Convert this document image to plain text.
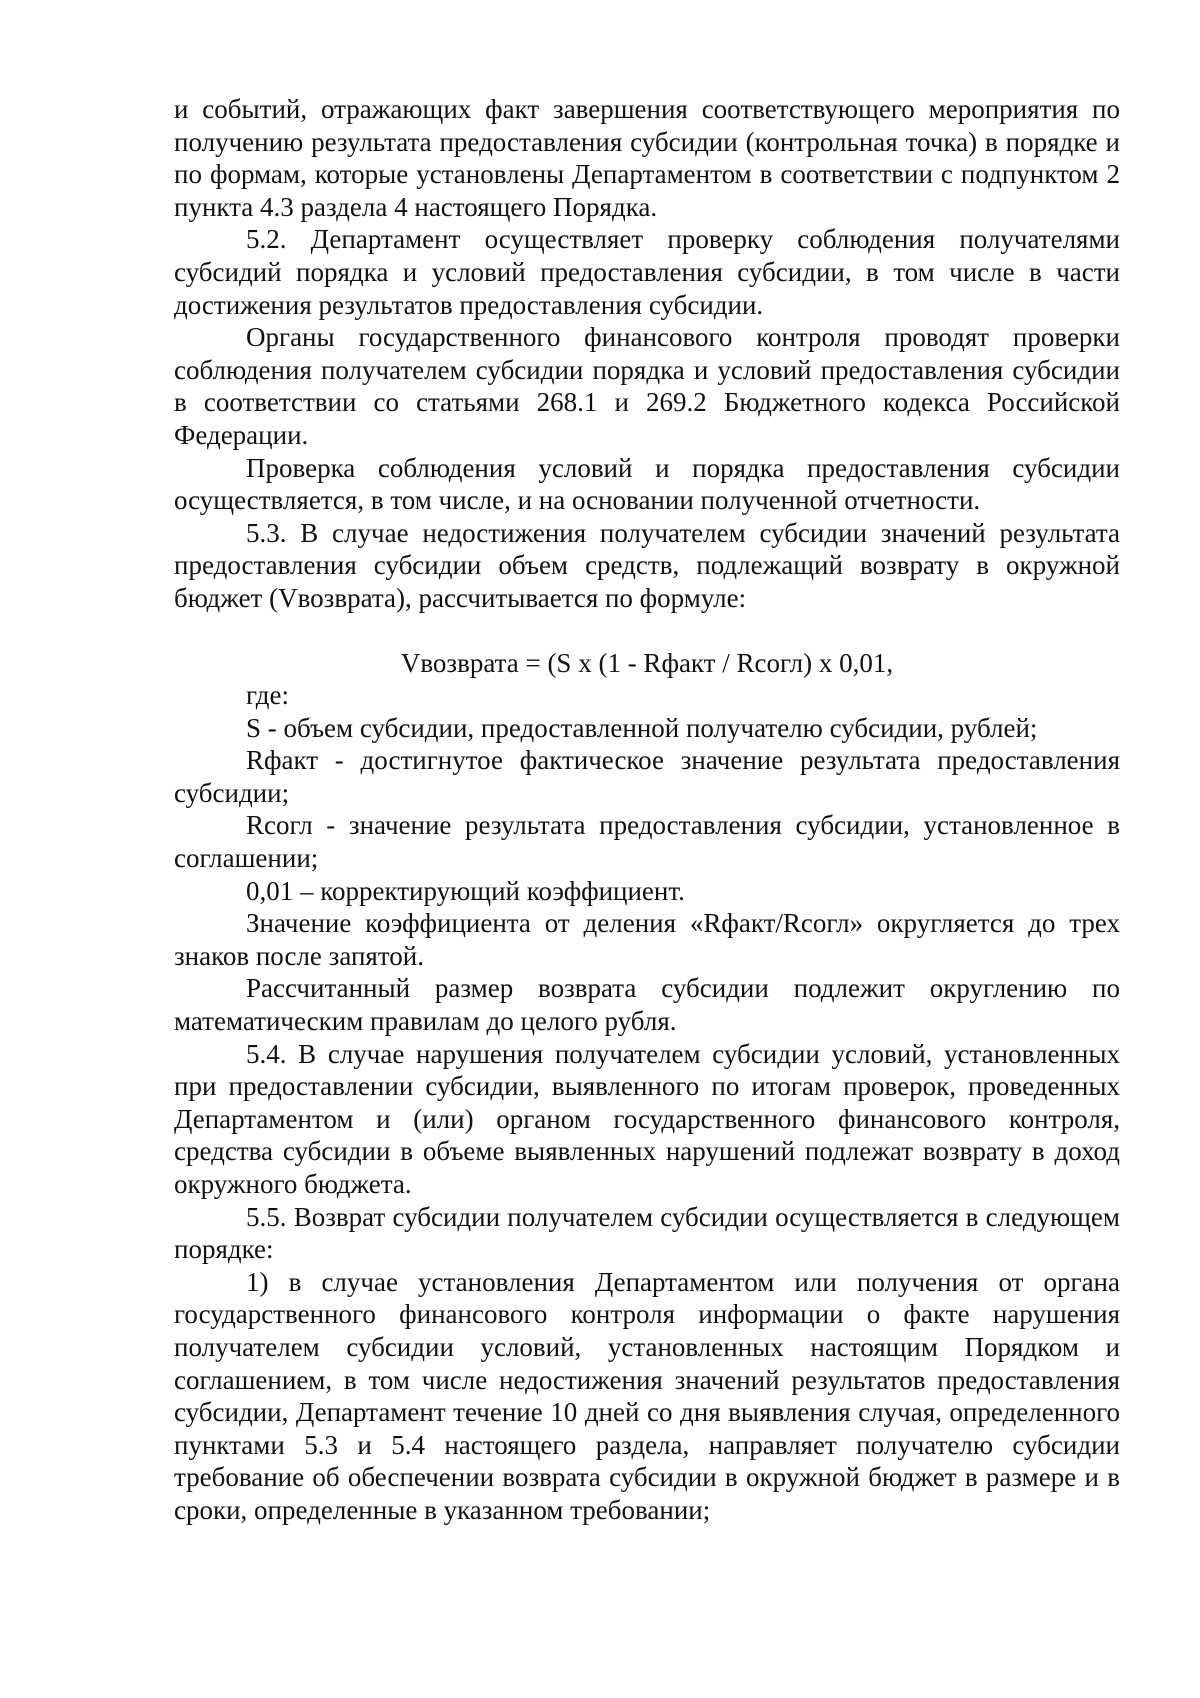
и событий, отражающих факт завершения соответствующего мероприятия по получению результата предоставления субсидии (контрольная точка) в порядке и по формам, которые установлены Департаментом в соответствии с подпунктом 2 пункта 4.3 раздела 4 настоящего Порядка.

5.2. Департамент осуществляет проверку соблюдения получателями субсидий порядка и условий предоставления субсидии, в том числе в части достижения результатов предоставления субсидии.

Органы государственного финансового контроля проводят проверки соблюдения получателем субсидии порядка и условий предоставления субсидии в соответствии со статьями 268.1 и 269.2 Бюджетного кодекса Российской Федерации.

Проверка соблюдения условий и порядка предоставления субсидии осуществляется, в том числе, и на основании полученной отчетности.

5.3. В случае недостижения получателем субсидии значений результата предоставления субсидии объем средств, подлежащий возврату в окружной бюджет (Vвозврата), рассчитывается по формуле:

Vвозврата = (S x (1 - Rфакт / Rсогл) x 0,01,

где:

S - объем субсидии, предоставленной получателю субсидии, рублей;

Rфакт - достигнутое фактическое значение результата предоставления субсидии;

Rсогл - значение результата предоставления субсидии, установленное в соглашении;

0,01 – корректирующий коэффициент.

Значение коэффициента от деления «Rфакт/Rсогл» округляется до трех знаков после запятой.

Рассчитанный размер возврата субсидии подлежит округлению по математическим правилам до целого рубля.

5.4. В случае нарушения получателем субсидии условий, установленных при предоставлении субсидии, выявленного по итогам проверок, проведенных Департаментом и (или) органом государственного финансового контроля, средства субсидии в объеме выявленных нарушений подлежат возврату в доход окружного бюджета.

5.5. Возврат субсидии получателем субсидии осуществляется в следующем порядке:

1) в случае установления Департаментом или получения от органа государственного финансового контроля информации о факте нарушения получателем субсидии условий, установленных настоящим Порядком и соглашением, в том числе недостижения значений результатов предоставления субсидии, Департамент течение 10 дней со дня выявления случая, определенного пунктами 5.3 и 5.4 настоящего раздела, направляет получателю субсидии требование об обеспечении возврата субсидии в окружной бюджет в размере и в сроки, определенные в указанном требовании;
